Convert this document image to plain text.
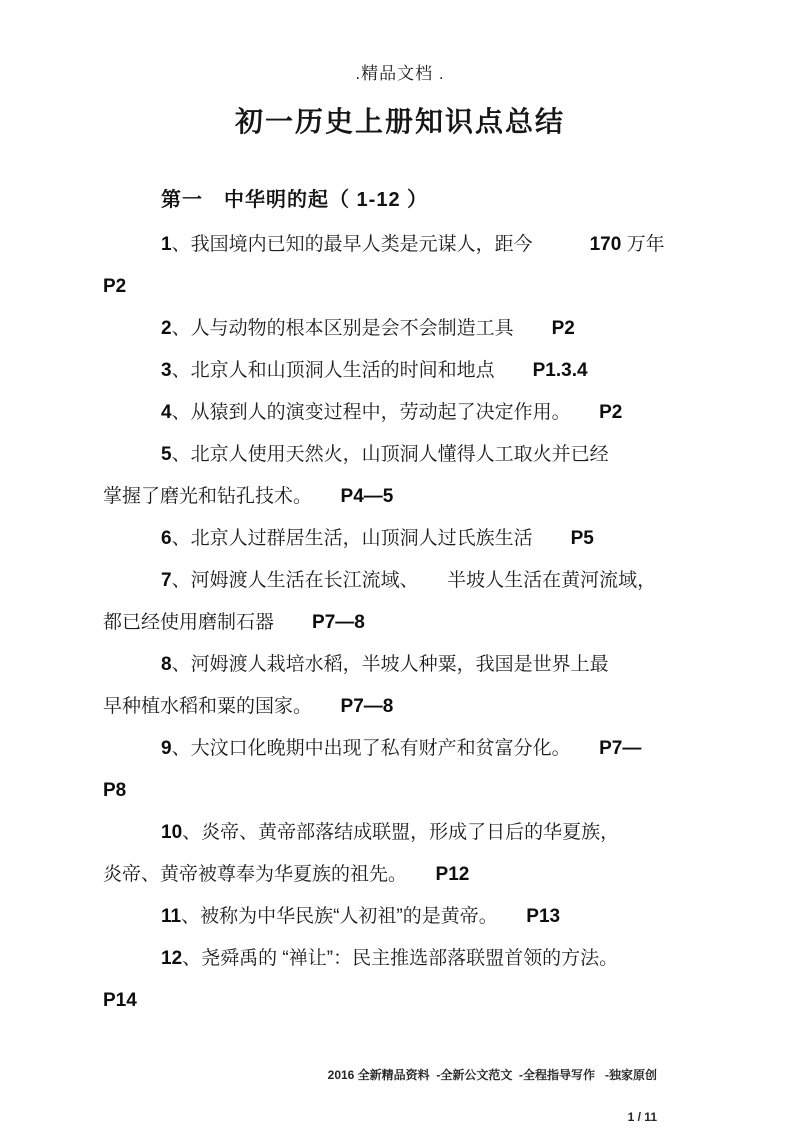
.精品文档 .
初一历史上册知识点总结
第一　中华明的起（ 1-12 ）
1、我国境内已知的最早人类是元谋人，距今　　　	170 万年
P2
2、人与动物的根本区别是会不会制造工具　　 P2
3、北京人和山顶洞人生活的时间和地点　　 P1.3.4
4、从猿到人的演变过程中，劳动起了决定作用。　　 P2
5、北京人使用天然火，山顶洞人懂得人工取火并已经
掌握了磨光和钻孔技术。　　 P4—5
6、北京人过群居生活，山顶洞人过氏族生活　　 P5
7、河姆渡人生活在长江流域、　　 半坡人生活在黄河流域，
都已经使用磨制石器　　 P7—8
8、河姆渡人栽培水稻，半坡人种粟，我国是世界上最
早种植水稻和粟的国家。　　 P7—8
9、大汶口化晚期中出现了私有财产和贫富分化。　　 P7—
P8
10、炎帝、黄帝部落结成联盟，形成了日后的华夏族，
炎帝、黄帝被尊奉为华夏族的祖先。　　 P12
11、被称为中华民族“人初祖”的是黄帝。　　 P13
12、尧舜禹的 “禅让”：民主推选部落联盟首领的方法。
P14

2016 全新精品资料  -全新公文范文  -全程指导写作   -独家原创

1 / 11
